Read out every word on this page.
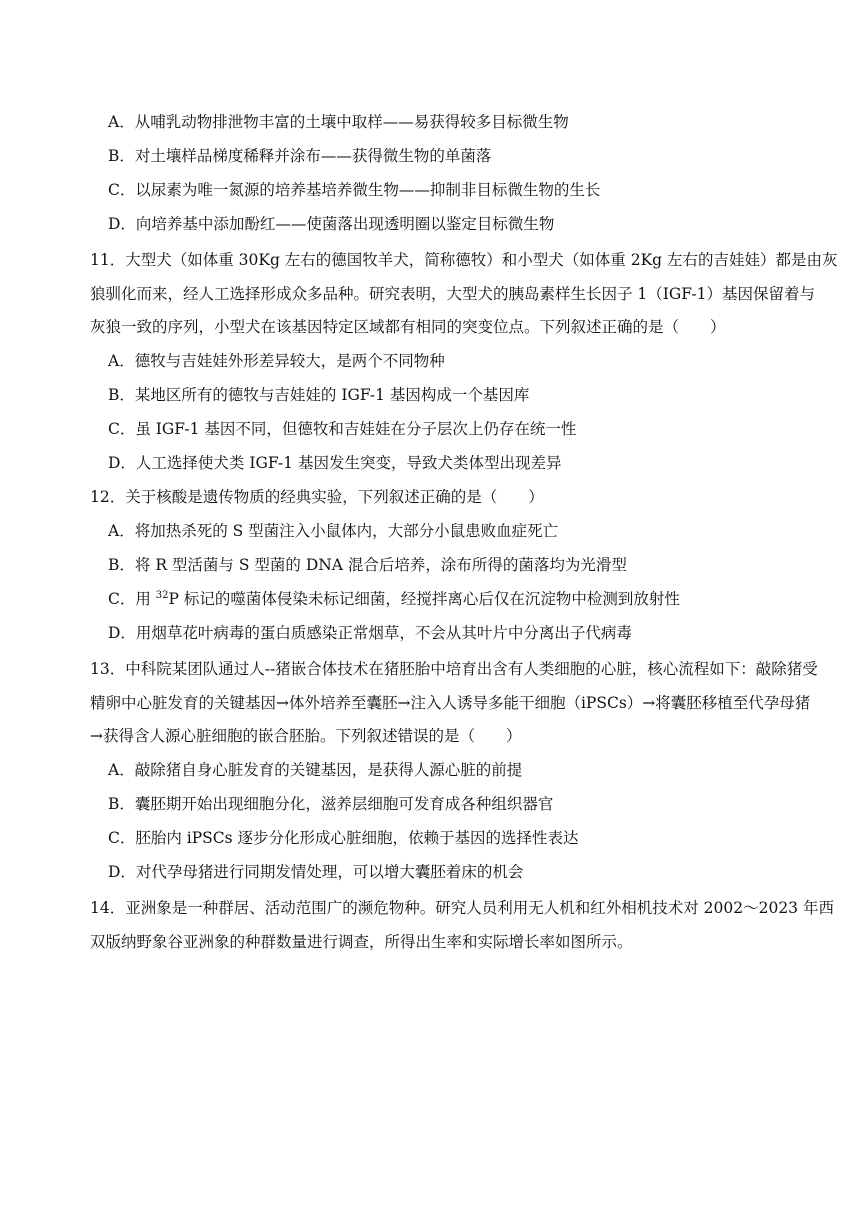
A．从哺乳动物排泄物丰富的土壤中取样——易获得较多目标微生物
B．对土壤样品梯度稀释并涂布——获得微生物的单菌落
C．以尿素为唯一氮源的培养基培养微生物——抑制非目标微生物的生长
D．向培养基中添加酚红——使菌落出现透明圈以鉴定目标微生物
11．大型犬（如体重 30Kg 左右的德国牧羊犬，简称德牧）和小型犬（如体重 2Kg 左右的吉娃娃）都是由灰
狼驯化而来，经人工选择形成众多品种。研究表明，大型犬的胰岛素样生长因子 1（IGF-1）基因保留着与
灰狼一致的序列，小型犬在该基因特定区域都有相同的突变位点。下列叙述正确的是（　　）
A．德牧与吉娃娃外形差异较大，是两个不同物种
B．某地区所有的德牧与吉娃娃的 IGF-1 基因构成一个基因库
C．虽 IGF-1 基因不同，但德牧和吉娃娃在分子层次上仍存在统一性
D．人工选择使犬类 IGF-1 基因发生突变，导致犬类体型出现差异
12．关于核酸是遗传物质的经典实验，下列叙述正确的是（　　）
A．将加热杀死的 S 型菌注入小鼠体内，大部分小鼠患败血症死亡
B．将 R 型活菌与 S 型菌的 DNA 混合后培养，涂布所得的菌落均为光滑型
C．用 $^{32}$P 标记的噬菌体侵染未标记细菌，经搅拌离心后仅在沉淀物中检测到放射性
D．用烟草花叶病毒的蛋白质感染正常烟草，不会从其叶片中分离出子代病毒
13．中科院某团队通过人--猪嵌合体技术在猪胚胎中培育出含有人类细胞的心脏，核心流程如下：敲除猪受
精卵中心脏发育的关键基因→体外培养至囊胚→注入人诱导多能干细胞（iPSCs）→将囊胚移植至代孕母猪
→获得含人源心脏细胞的嵌合胚胎。下列叙述错误的是（　　）
A．敲除猪自身心脏发育的关键基因，是获得人源心脏的前提
B．囊胚期开始出现细胞分化，滋养层细胞可发育成各种组织器官
C．胚胎内 iPSCs 逐步分化形成心脏细胞，依赖于基因的选择性表达
D．对代孕母猪进行同期发情处理，可以增大囊胚着床的机会
14．亚洲象是一种群居、活动范围广的濒危物种。研究人员利用无人机和红外相机技术对 2002～2023 年西
双版纳野象谷亚洲象的种群数量进行调查，所得出生率和实际增长率如图所示。
